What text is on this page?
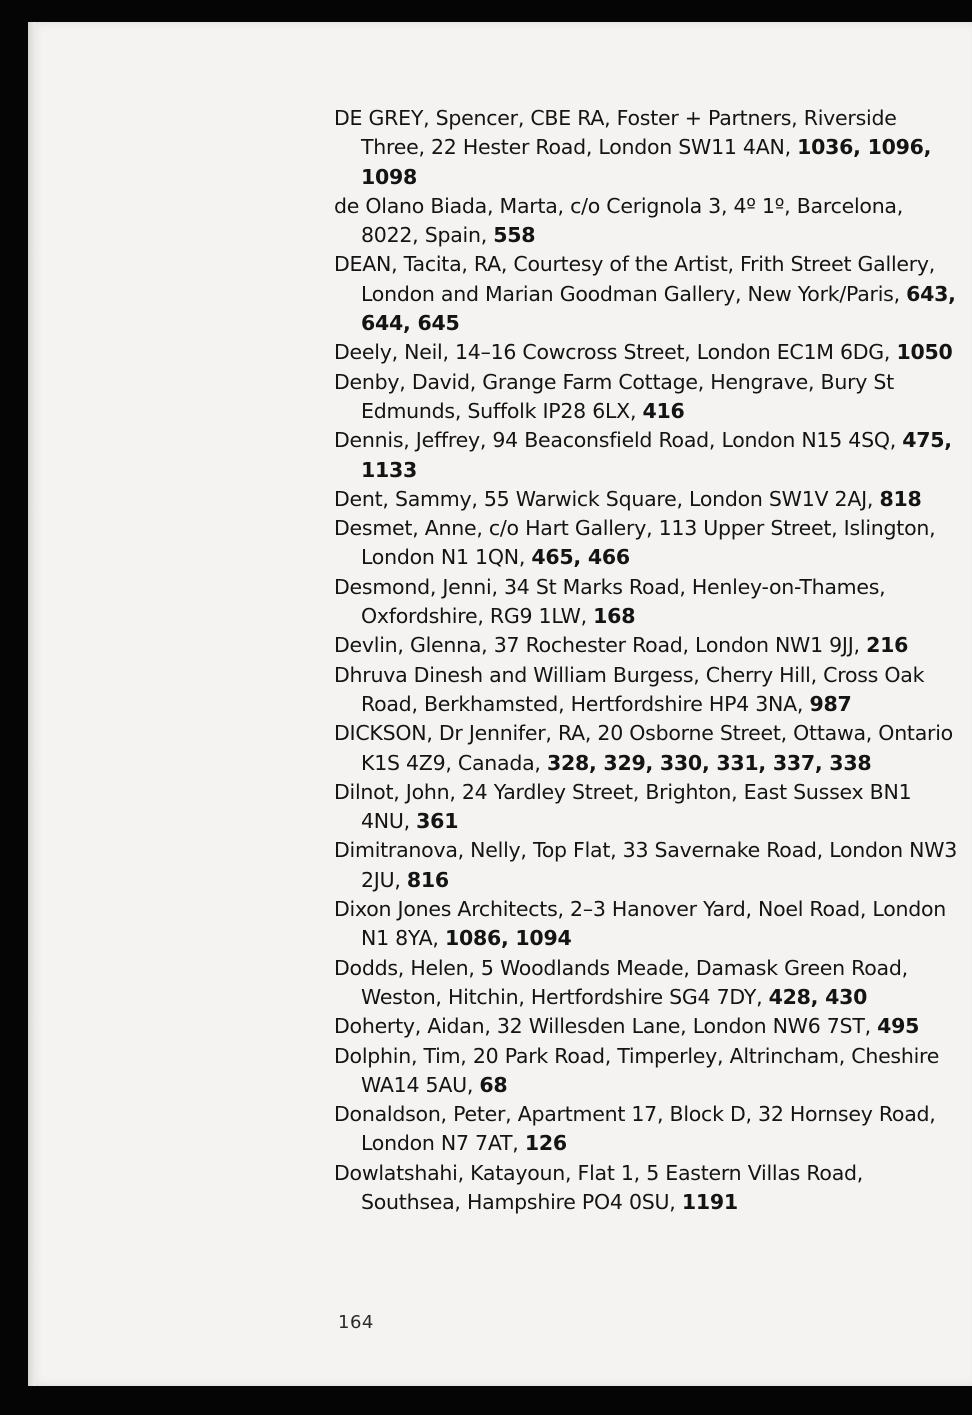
DE GREY, Spencer, CBE RA, Foster + Partners, Riverside Three, 22 Hester Road, London SW11 4AN, 1036, 1096, 1098
de Olano Biada, Marta, c/o Cerignola 3, 4º 1º, Barcelona, 8022, Spain, 558
DEAN, Tacita, RA, Courtesy of the Artist, Frith Street Gallery, London and Marian Goodman Gallery, New York/Paris, 643, 644, 645
Deely, Neil, 14–16 Cowcross Street, London EC1M 6DG, 1050
Denby, David, Grange Farm Cottage, Hengrave, Bury St Edmunds, Suffolk IP28 6LX, 416
Dennis, Jeffrey, 94 Beaconsfield Road, London N15 4SQ, 475, 1133
Dent, Sammy, 55 Warwick Square, London SW1V 2AJ, 818
Desmet, Anne, c/o Hart Gallery, 113 Upper Street, Islington, London N1 1QN, 465, 466
Desmond, Jenni, 34 St Marks Road, Henley-on-Thames, Oxfordshire, RG9 1LW, 168
Devlin, Glenna, 37 Rochester Road, London NW1 9JJ, 216
Dhruva Dinesh and William Burgess, Cherry Hill, Cross Oak Road, Berkhamsted, Hertfordshire HP4 3NA, 987
DICKSON, Dr Jennifer, RA, 20 Osborne Street, Ottawa, Ontario K1S 4Z9, Canada, 328, 329, 330, 331, 337, 338
Dilnot, John, 24 Yardley Street, Brighton, East Sussex BN1 4NU, 361
Dimitranova, Nelly, Top Flat, 33 Savernake Road, London NW3 2JU, 816
Dixon Jones Architects, 2–3 Hanover Yard, Noel Road, London N1 8YA, 1086, 1094
Dodds, Helen, 5 Woodlands Meade, Damask Green Road, Weston, Hitchin, Hertfordshire SG4 7DY, 428, 430
Doherty, Aidan, 32 Willesden Lane, London NW6 7ST, 495
Dolphin, Tim, 20 Park Road, Timperley, Altrincham, Cheshire WA14 5AU, 68
Donaldson, Peter, Apartment 17, Block D, 32 Hornsey Road, London N7 7AT, 126
Dowlatshahi, Katayoun, Flat 1, 5 Eastern Villas Road, Southsea, Hampshire PO4 0SU, 1191
164
